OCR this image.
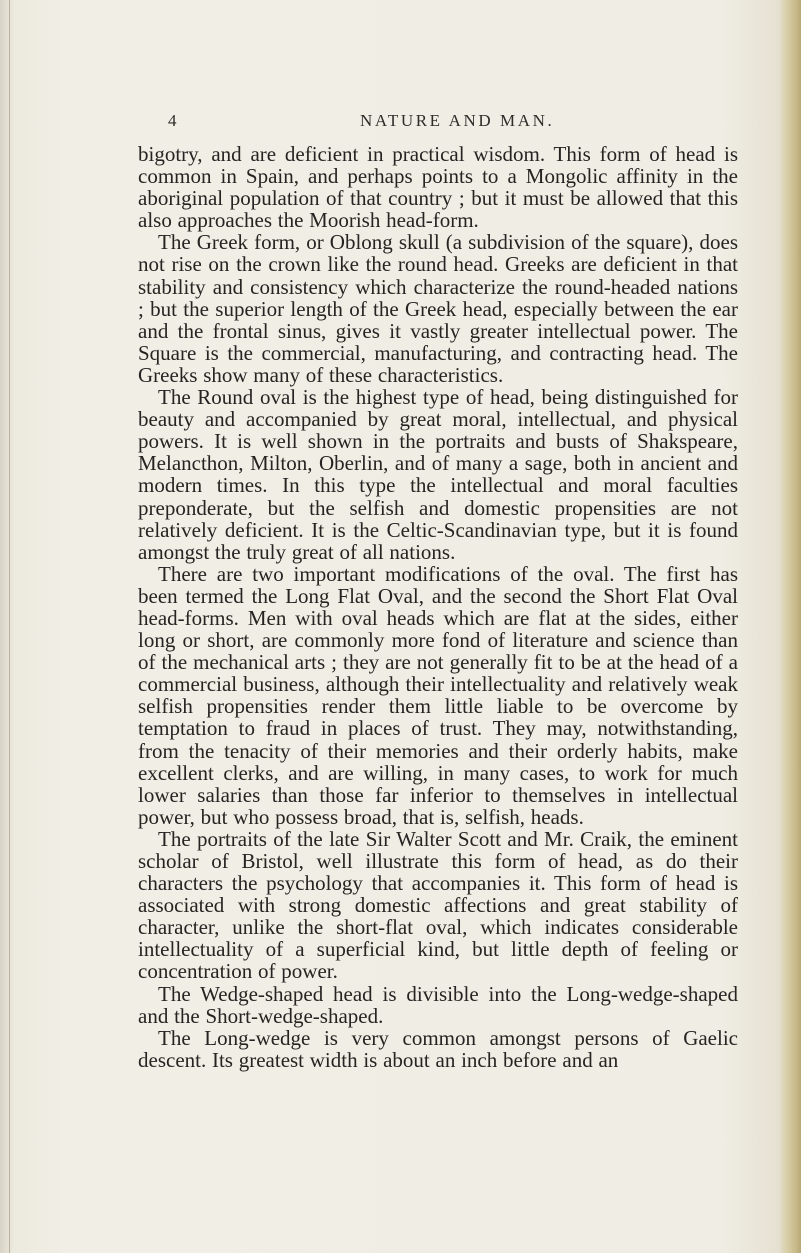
4	NATURE AND MAN.

bigotry, and are deficient in practical wisdom. This form of head is common in Spain, and perhaps points to a Mongolic affinity in the aboriginal population of that country ; but it must be allowed that this also approaches the Moorish head-form.

The Greek form, or Oblong skull (a subdivision of the square), does not rise on the crown like the round head. Greeks are deficient in that stability and consistency which characterize the round-headed nations ; but the superior length of the Greek head, especially between the ear and the frontal sinus, gives it vastly greater intellectual power. The Square is the commercial, manufacturing, and contracting head. The Greeks show many of these characteristics.

The Round oval is the highest type of head, being distinguished for beauty and accompanied by great moral, intellectual, and physical powers. It is well shown in the portraits and busts of Shakspeare, Melancthon, Milton, Oberlin, and of many a sage, both in ancient and modern times. In this type the intellectual and moral faculties preponderate, but the selfish and domestic propensities are not relatively deficient. It is the Celtic-Scandinavian type, but it is found amongst the truly great of all nations.

There are two important modifications of the oval. The first has been termed the Long Flat Oval, and the second the Short Flat Oval head-forms. Men with oval heads which are flat at the sides, either long or short, are commonly more fond of literature and science than of the mechanical arts ; they are not generally fit to be at the head of a commercial business, although their intellectuality and relatively weak selfish propensities render them little liable to be overcome by temptation to fraud in places of trust. They may, notwithstanding, from the tenacity of their memories and their orderly habits, make excellent clerks, and are willing, in many cases, to work for much lower salaries than those far inferior to themselves in intellectual power, but who possess broad, that is, selfish, heads.

The portraits of the late Sir Walter Scott and Mr. Craik, the eminent scholar of Bristol, well illustrate this form of head, as do their characters the psychology that accompanies it. This form of head is associated with strong domestic affections and great stability of character, unlike the short-flat oval, which indicates considerable intellectuality of a superficial kind, but little depth of feeling or concentration of power.

The Wedge-shaped head is divisible into the Long-wedge-shaped and the Short-wedge-shaped.

The Long-wedge is very common amongst persons of Gaelic descent. Its greatest width is about an inch before and an
